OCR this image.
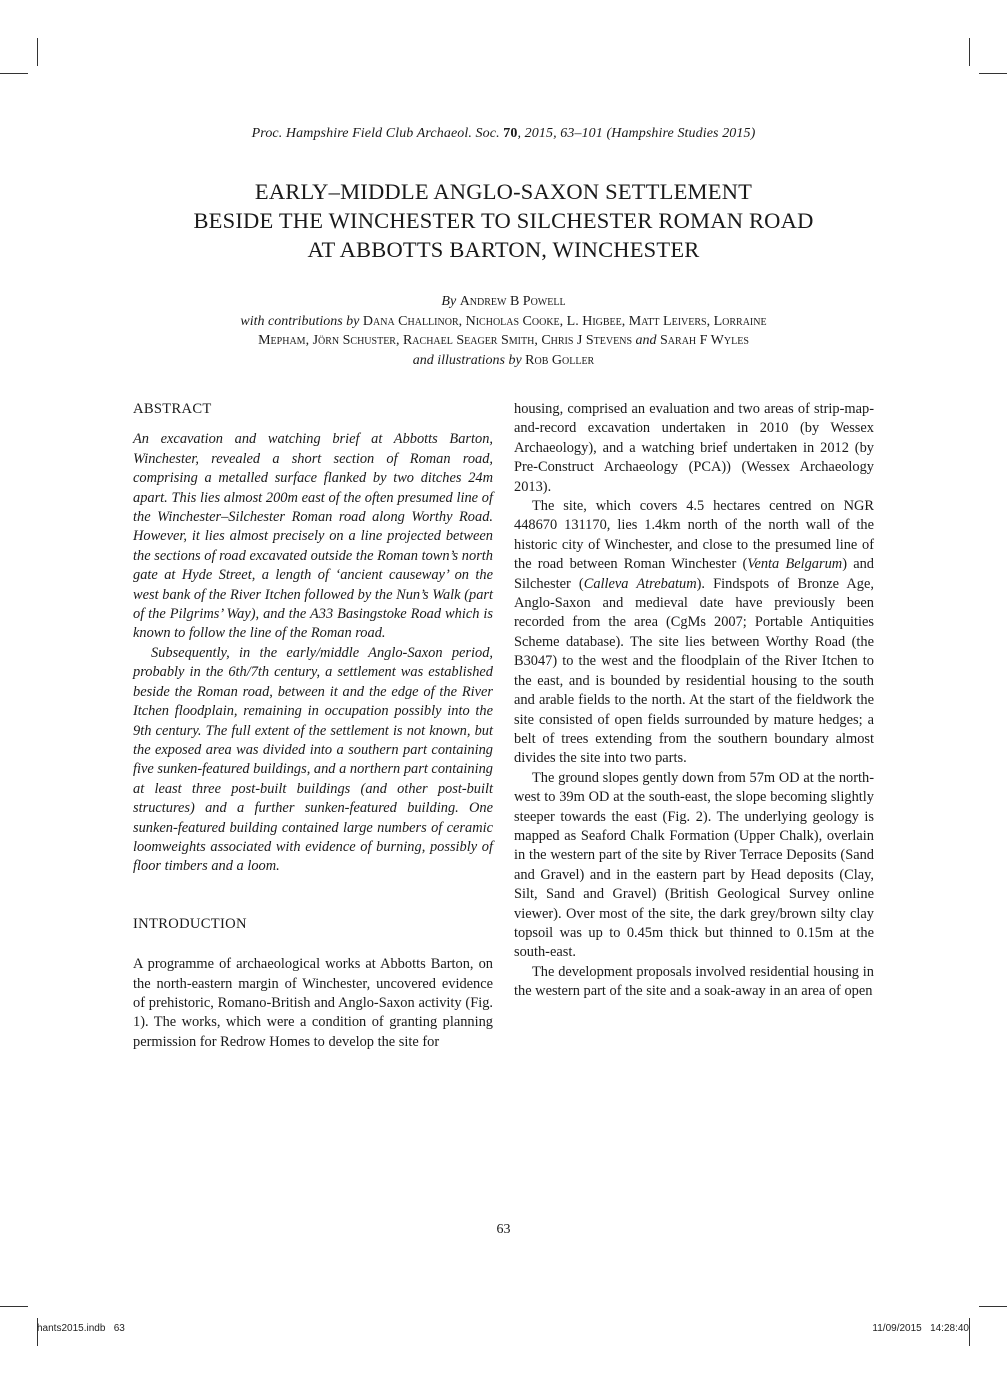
Proc. Hampshire Field Club Archaeol. Soc. 70, 2015, 63–101 (Hampshire Studies 2015)
EARLY–MIDDLE ANGLO-SAXON SETTLEMENT
BESIDE THE WINCHESTER TO SILCHESTER ROMAN ROAD
AT ABBOTTS BARTON, WINCHESTER
By Andrew B Powell
with contributions by Dana Challinor, Nicholas Cooke, L. Higbee, Matt Leivers, Lorraine
Mepham, Jörn Schuster, Rachael Seager Smith, Chris J Stevens and Sarah F Wyles
and illustrations by Rob Goller
ABSTRACT

An excavation and watching brief at Abbotts Barton, Winchester, revealed a short section of Roman road, comprising a metalled surface flanked by two ditches 24m apart. This lies almost 200m east of the often presumed line of the Winchester–Silchester Roman road along Worthy Road. However, it lies almost precisely on a line projected between the sections of road excavated outside the Roman town’s north gate at Hyde Street, a length of ‘ancient causeway’ on the west bank of the River Itchen followed by the Nun’s Walk (part of the Pilgrims’ Way), and the A33 Basingstoke Road which is known to follow the line of the Roman road.

Subsequently, in the early/middle Anglo-Saxon period, probably in the 6th/7th century, a settlement was established beside the Roman road, between it and the edge of the River Itchen floodplain, remaining in occupation possibly into the 9th century. The full extent of the settlement is not known, but the exposed area was divided into a southern part containing five sunken-featured buildings, and a northern part containing at least three post-built buildings (and other post-built structures) and a further sunken-featured building. One sunken-featured building contained large numbers of ceramic loomweights associated with evidence of burning, possibly of floor timbers and a loom.

INTRODUCTION

A programme of archaeological works at Abbotts Barton, on the north-eastern margin of Winchester, uncovered evidence of prehistoric, Romano-British and Anglo-Saxon activity (Fig. 1). The works, which were a condition of granting planning permission for Redrow Homes to develop the site for

housing, comprised an evaluation and two areas of strip-map-and-record excavation undertaken in 2010 (by Wessex Archaeology), and a watching brief undertaken in 2012 (by Pre-Construct Archaeology (PCA)) (Wessex Archaeology 2013).

The site, which covers 4.5 hectares centred on NGR 448670 131170, lies 1.4km north of the north wall of the historic city of Winchester, and close to the presumed line of the road between Roman Winchester (Venta Belgarum) and Silchester (Calleva Atrebatum). Findspots of Bronze Age, Anglo-Saxon and medieval date have previously been recorded from the area (CgMs 2007; Portable Antiquities Scheme database). The site lies between Worthy Road (the B3047) to the west and the floodplain of the River Itchen to the east, and is bounded by residential housing to the south and arable fields to the north. At the start of the fieldwork the site consisted of open fields surrounded by mature hedges; a belt of trees extending from the southern boundary almost divides the site into two parts.

The ground slopes gently down from 57m OD at the north-west to 39m OD at the south-east, the slope becoming slightly steeper towards the east (Fig. 2). The underlying geology is mapped as Seaford Chalk Formation (Upper Chalk), overlain in the western part of the site by River Terrace Deposits (Sand and Gravel) and in the eastern part by Head deposits (Clay, Silt, Sand and Gravel) (British Geological Survey online viewer). Over most of the site, the dark grey/brown silty clay topsoil was up to 0.45m thick but thinned to 0.15m at the south-east.

The development proposals involved residential housing in the western part of the site and a soak-away in an area of open

63
hants2015.indb   63	11/09/2015   14:28:40
